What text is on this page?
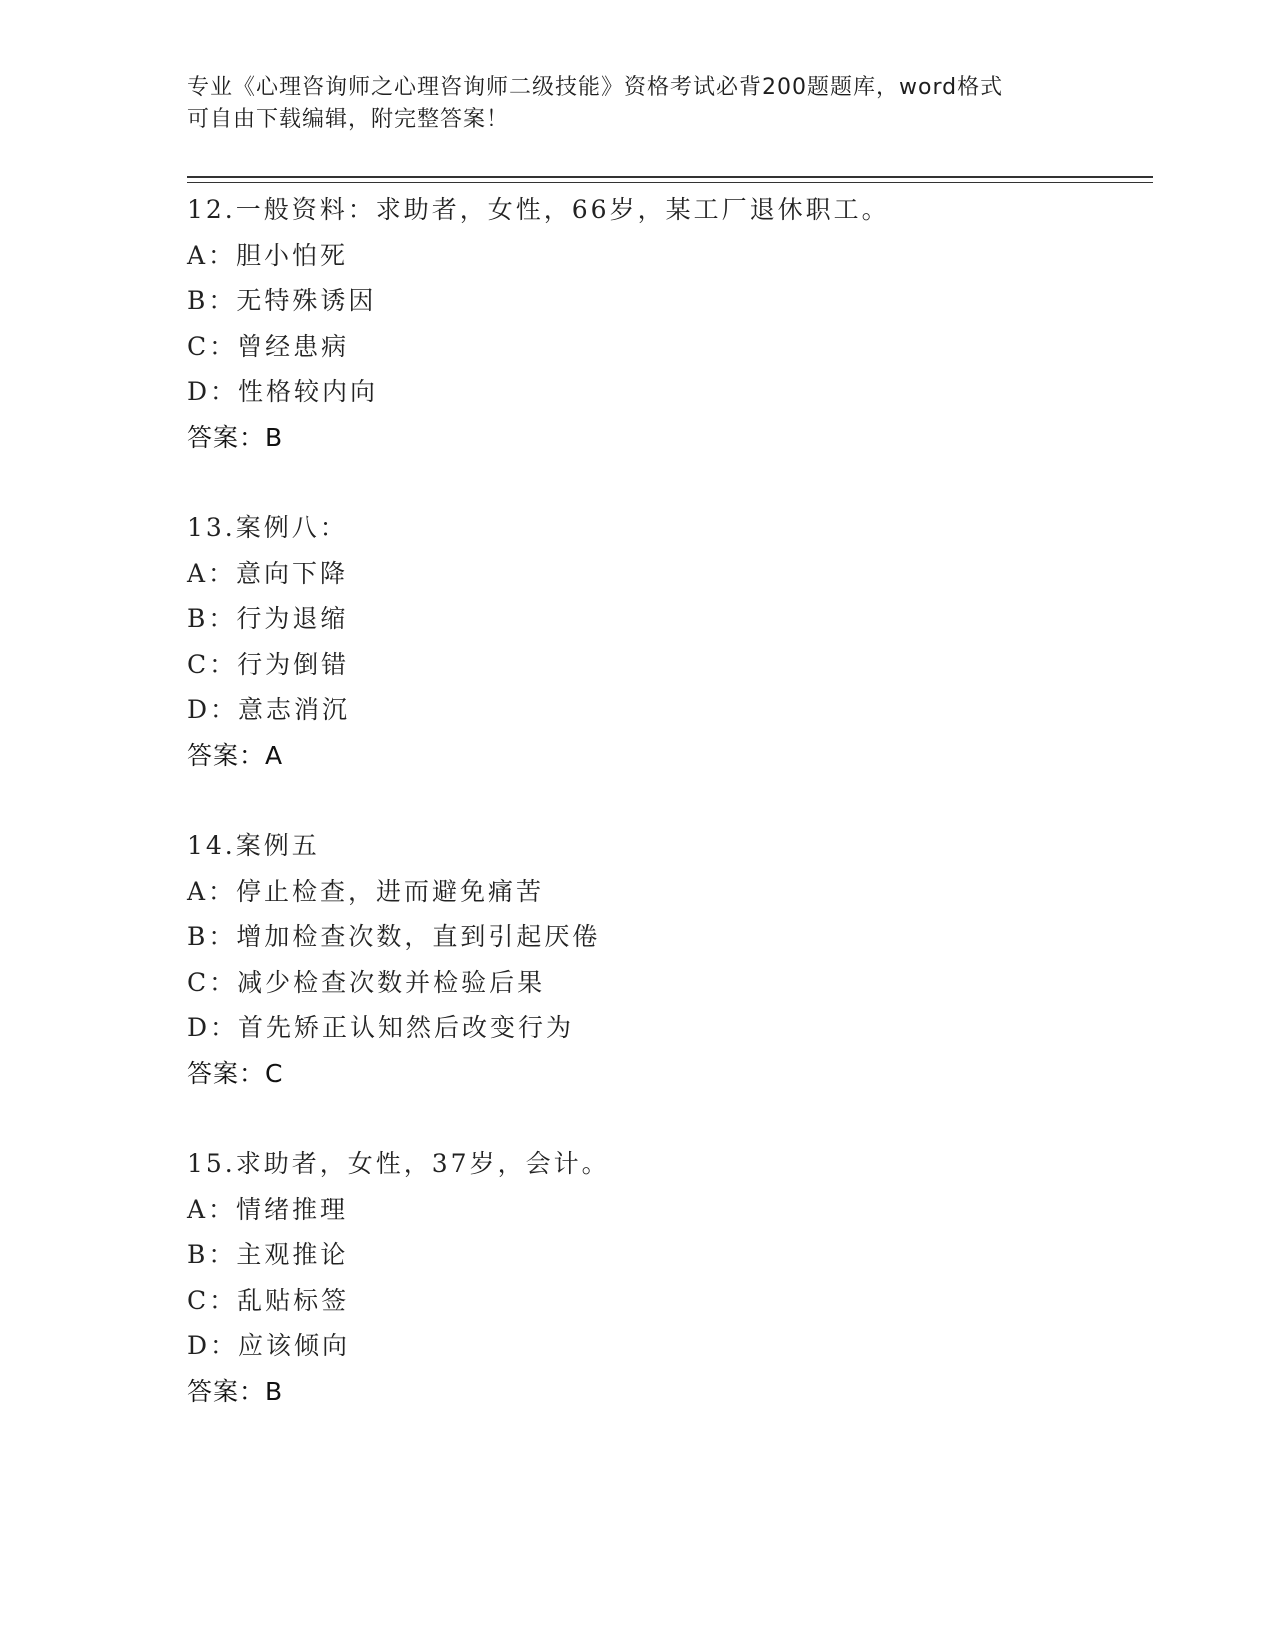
专业《心理咨询师之心理咨询师二级技能》资格考试必背200题题库，word格式
可自由下载编辑，附完整答案！
12.一般资料：求助者，女性，66岁，某工厂退休职工。
A：胆小怕死
B：无特殊诱因
C：曾经患病
D：性格较内向
答案：B
13.案例八：
A：意向下降
B：行为退缩
C：行为倒错
D：意志消沉
答案：A
14.案例五
A：停止检查，进而避免痛苦
B：增加检查次数，直到引起厌倦
C：减少检查次数并检验后果
D：首先矫正认知然后改变行为
答案：C
15.求助者，女性，37岁，会计。
A：情绪推理
B：主观推论
C：乱贴标签
D：应该倾向
答案：B
